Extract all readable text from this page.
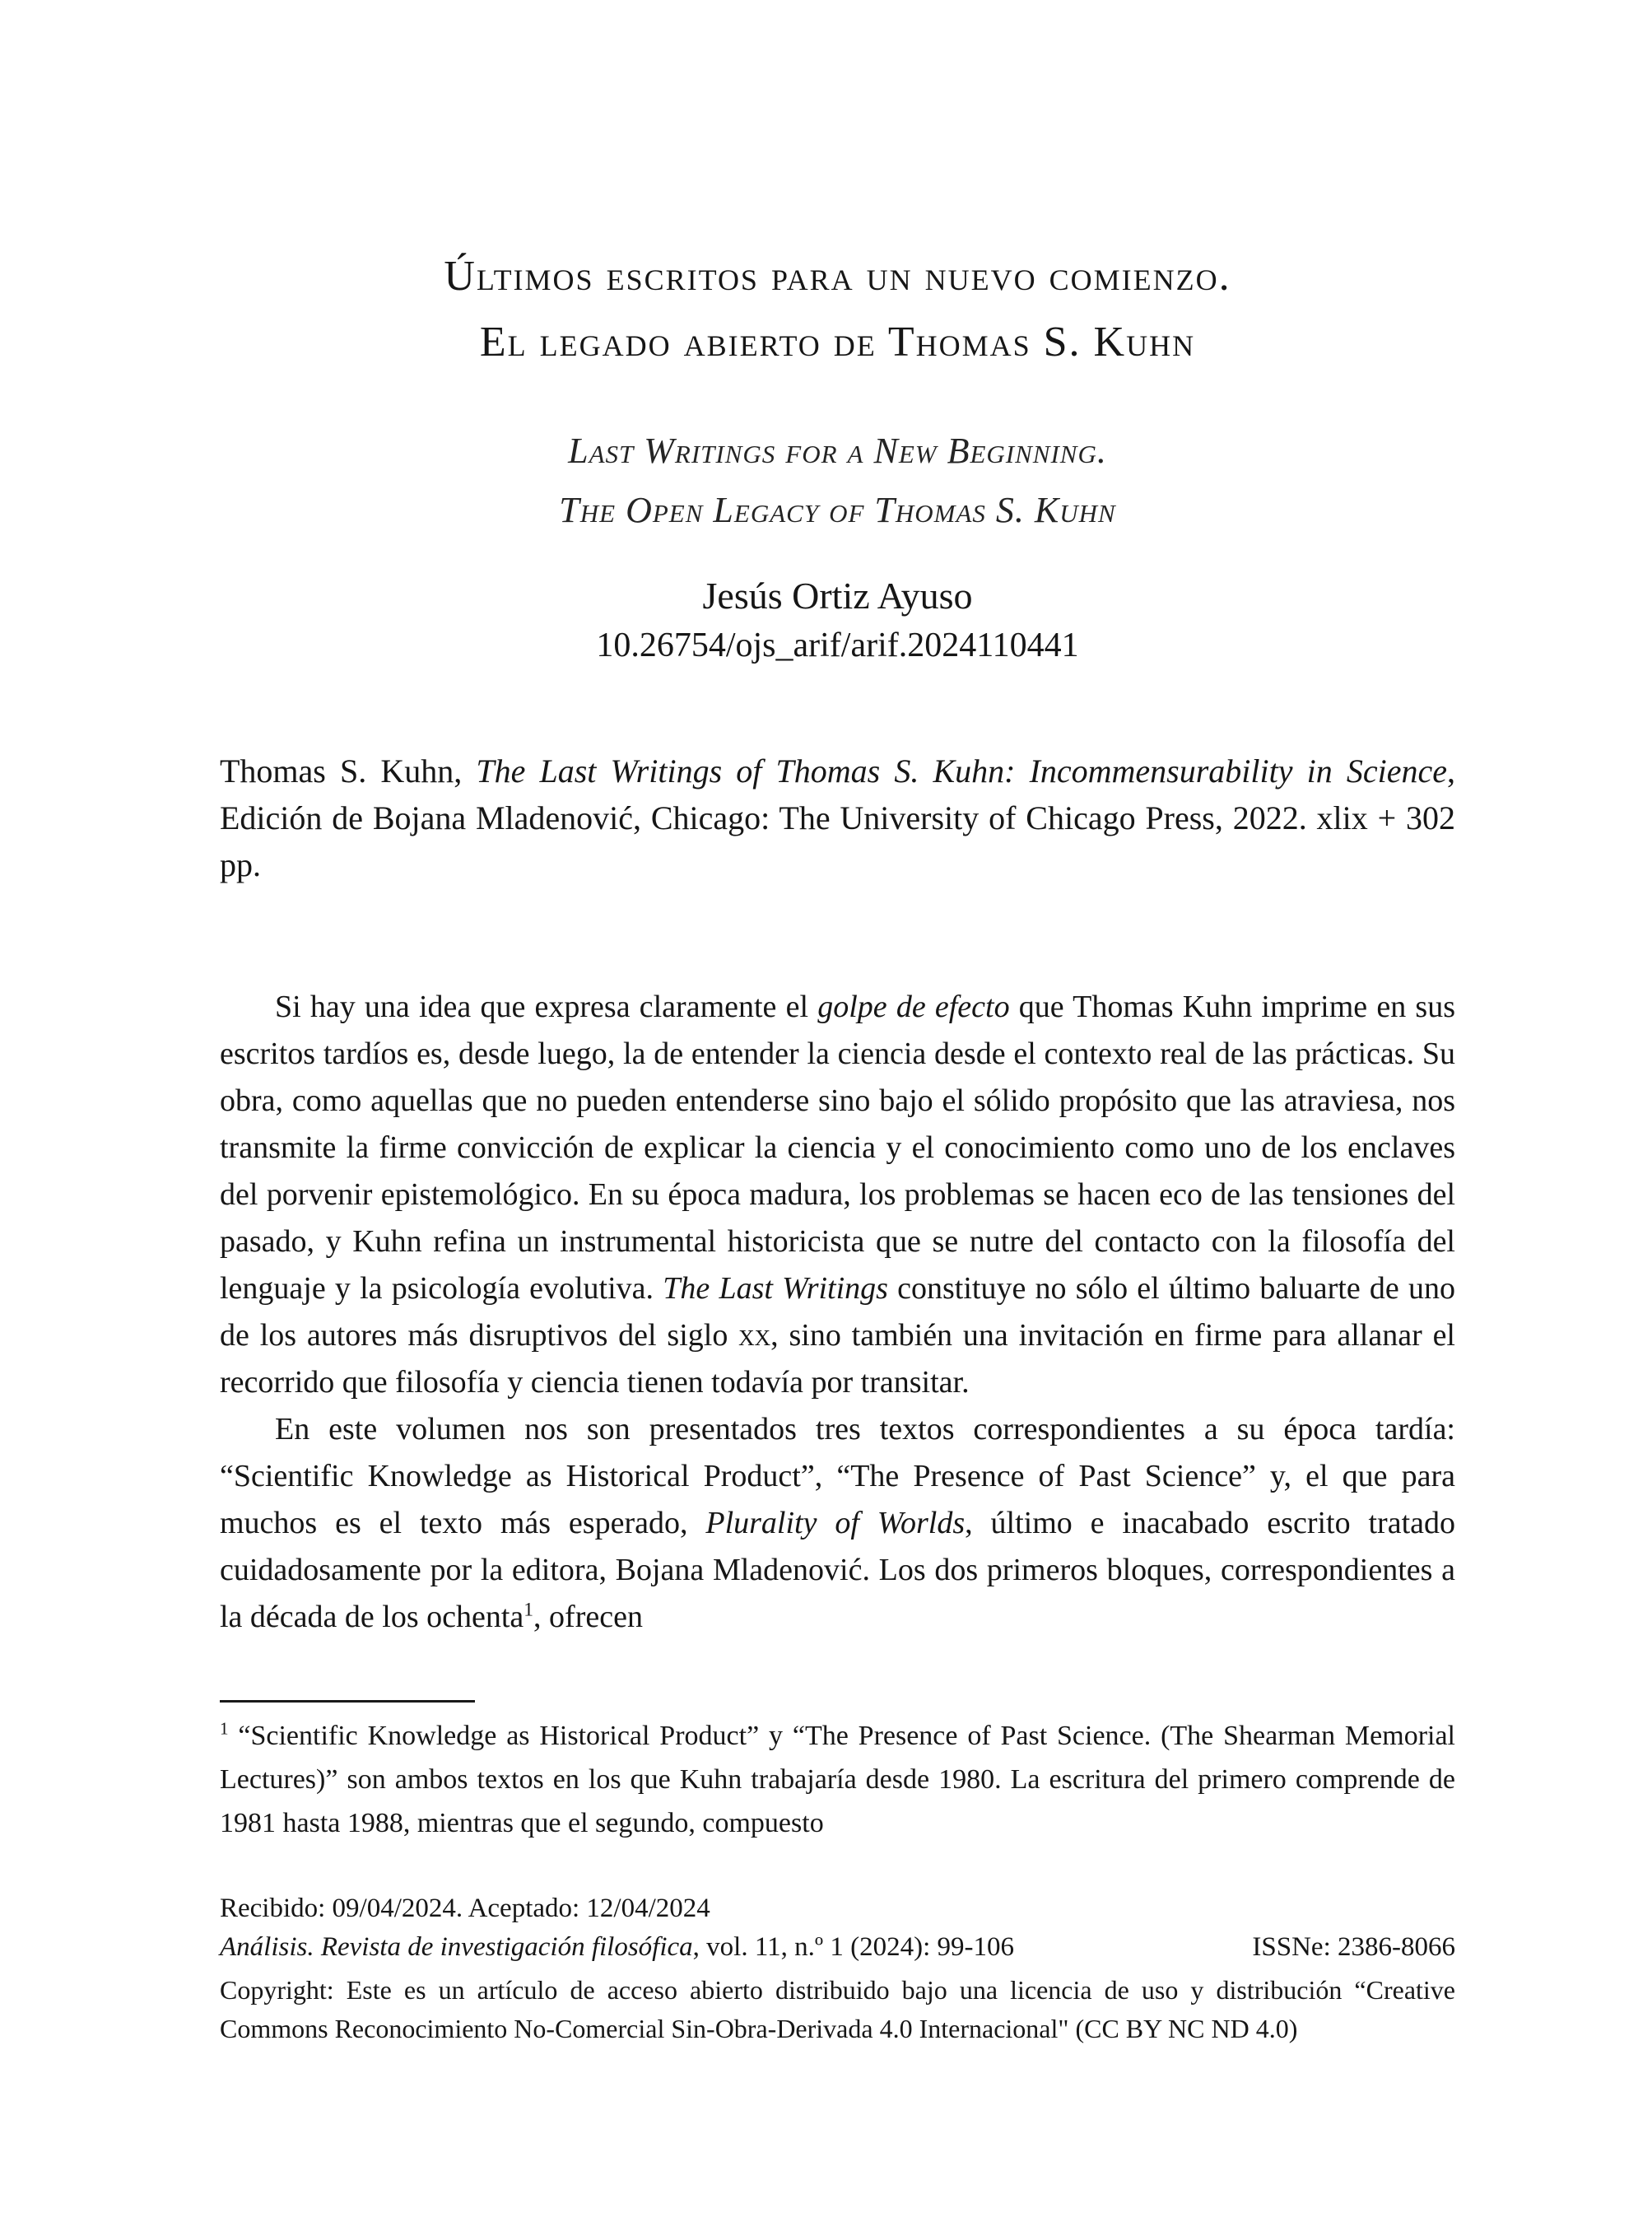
Últimos escritos para un nuevo comienzo.
El legado abierto de Thomas S. Kuhn
Last Writings for a New Beginning.
The Open Legacy of Thomas S. Kuhn
Jesús Ortiz Ayuso
10.26754/ojs_arif/arif.2024110441
Thomas S. Kuhn, The Last Writings of Thomas S. Kuhn: Incommensurability in Science, Edición de Bojana Mladenović, Chicago: The University of Chicago Press, 2022. xlix + 302 pp.

Si hay una idea que expresa claramente el golpe de efecto que Thomas Kuhn imprime en sus escritos tardíos es, desde luego, la de entender la ciencia desde el contexto real de las prácticas. Su obra, como aquellas que no pueden entenderse sino bajo el sólido propósito que las atraviesa, nos transmite la firme convicción de explicar la ciencia y el conocimiento como uno de los enclaves del porvenir epistemológico. En su época madura, los problemas se hacen eco de las tensiones del pasado, y Kuhn refina un instrumental historicista que se nutre del contacto con la filosofía del lenguaje y la psicología evolutiva. The Last Writings constituye no sólo el último baluarte de uno de los autores más disruptivos del siglo xx, sino también una invitación en firme para allanar el recorrido que filosofía y ciencia tienen todavía por transitar.

En este volumen nos son presentados tres textos correspondientes a su época tardía: “Scientific Knowledge as Historical Product”, “The Presence of Past Science” y, el que para muchos es el texto más esperado, Plurality of Worlds, último e inacabado escrito tratado cuidadosamente por la editora, Bojana Mladenović. Los dos primeros bloques, correspondientes a la década de los ochenta$^1$, ofrecen

$^1$ “Scientific Knowledge as Historical Product” y “The Presence of Past Science. (The Shearman Memorial Lectures)” son ambos textos en los que Kuhn trabajaría desde 1980. La escritura del primero comprende de 1981 hasta 1988, mientras que el segundo, compuesto
Recibido: 09/04/2024. Aceptado: 12/04/2024
Análisis. Revista de investigación filosófica, vol. 11, n.º 1 (2024): 99-106	ISSNe: 2386-8066
Copyright: Este es un artículo de acceso abierto distribuido bajo una licencia de uso y distribución “Creative Commons Reconocimiento No-Comercial Sin-Obra-Derivada 4.0 Internacional" (CC BY NC ND 4.0)
